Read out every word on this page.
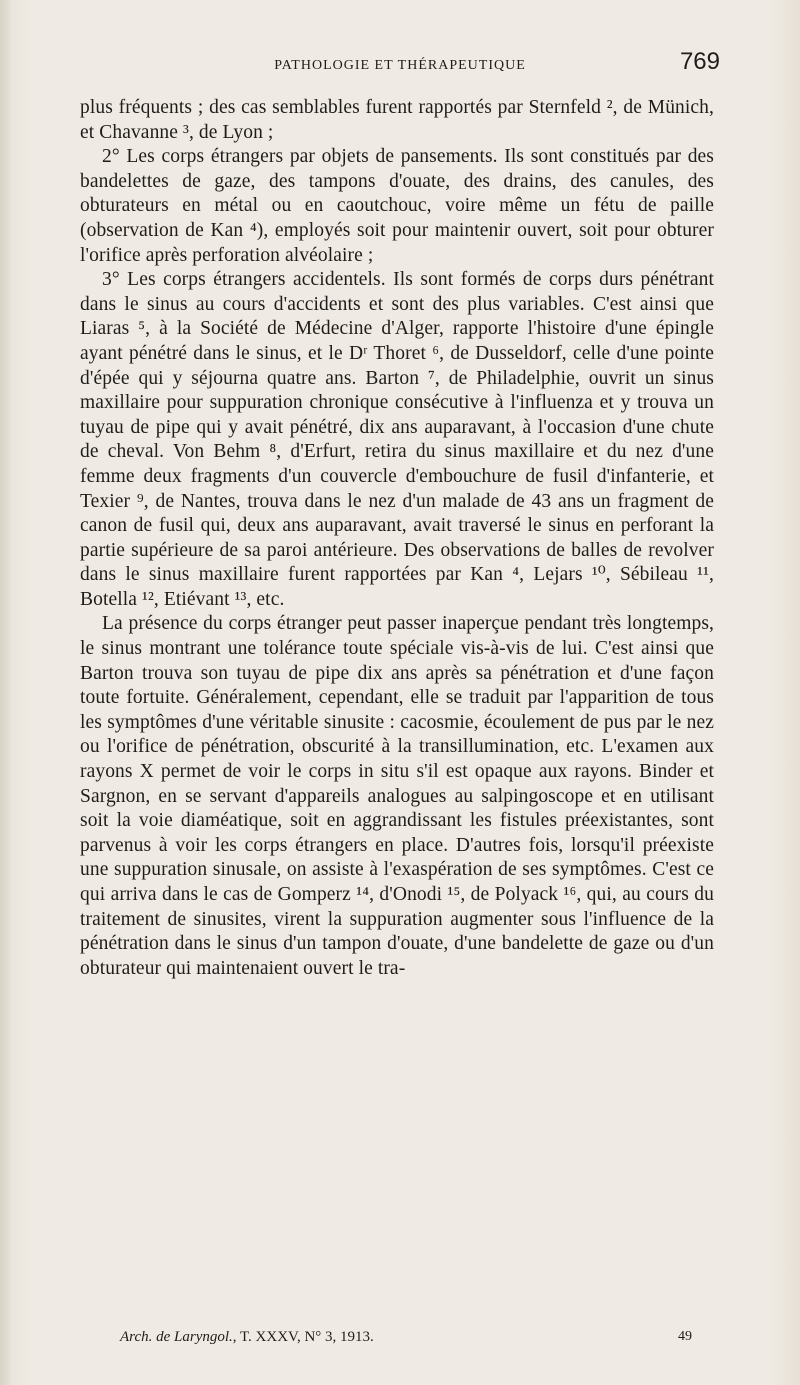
PATHOLOGIE ET THÉRAPEUTIQUE	769

plus fréquents ; des cas semblables furent rapportés par Sternfeld ², de Münich, et Chavanne ³, de Lyon ;

2° Les corps étrangers par objets de pansements. Ils sont constitués par des bandelettes de gaze, des tampons d'ouate, des drains, des canules, des obturateurs en métal ou en caoutchouc, voire même un fétu de paille (observation de Kan ⁴), employés soit pour maintenir ouvert, soit pour obturer l'orifice après perforation alvéolaire ;

3° Les corps étrangers accidentels. Ils sont formés de corps durs pénétrant dans le sinus au cours d'accidents et sont des plus variables. C'est ainsi que Liaras ⁵, à la Société de Médecine d'Alger, rapporte l'histoire d'une épingle ayant pénétré dans le sinus, et le Dʳ Thoret ⁶, de Dusseldorf, celle d'une pointe d'épée qui y séjourna quatre ans. Barton ⁷, de Philadelphie, ouvrit un sinus maxillaire pour suppuration chronique consécutive à l'influenza et y trouva un tuyau de pipe qui y avait pénétré, dix ans auparavant, à l'occasion d'une chute de cheval. Von Behm ⁸, d'Erfurt, retira du sinus maxillaire et du nez d'une femme deux fragments d'un couvercle d'embouchure de fusil d'infanterie, et Texier ⁹, de Nantes, trouva dans le nez d'un malade de 43 ans un fragment de canon de fusil qui, deux ans auparavant, avait traversé le sinus en perforant la partie supérieure de sa paroi antérieure. Des observations de balles de revolver dans le sinus maxillaire furent rapportées par Kan ⁴, Lejars ¹⁰, Sébileau ¹¹, Botella ¹², Etiévant ¹³, etc.

La présence du corps étranger peut passer inaperçue pendant très longtemps, le sinus montrant une tolérance toute spéciale vis-à-vis de lui. C'est ainsi que Barton trouva son tuyau de pipe dix ans après sa pénétration et d'une façon toute fortuite. Généralement, cependant, elle se traduit par l'apparition de tous les symptômes d'une véritable sinusite : cacosmie, écoulement de pus par le nez ou l'orifice de pénétration, obscurité à la transillumination, etc. L'examen aux rayons X permet de voir le corps in situ s'il est opaque aux rayons. Binder et Sargnon, en se servant d'appareils analogues au salpingoscope et en utilisant soit la voie diaméatique, soit en aggrandissant les fistules préexistantes, sont parvenus à voir les corps étrangers en place. D'autres fois, lorsqu'il préexiste une suppuration sinusale, on assiste à l'exaspération de ses symptômes. C'est ce qui arriva dans le cas de Gomperz ¹⁴, d'Onodi ¹⁵, de Polyack ¹⁶, qui, au cours du traitement de sinusites, virent la suppuration augmenter sous l'influence de la pénétration dans le sinus d'un tampon d'ouate, d'une bandelette de gaze ou d'un obturateur qui maintenaient ouvert le tra-

Arch. de Laryngol., T. XXXV, N° 3, 1913.	49
